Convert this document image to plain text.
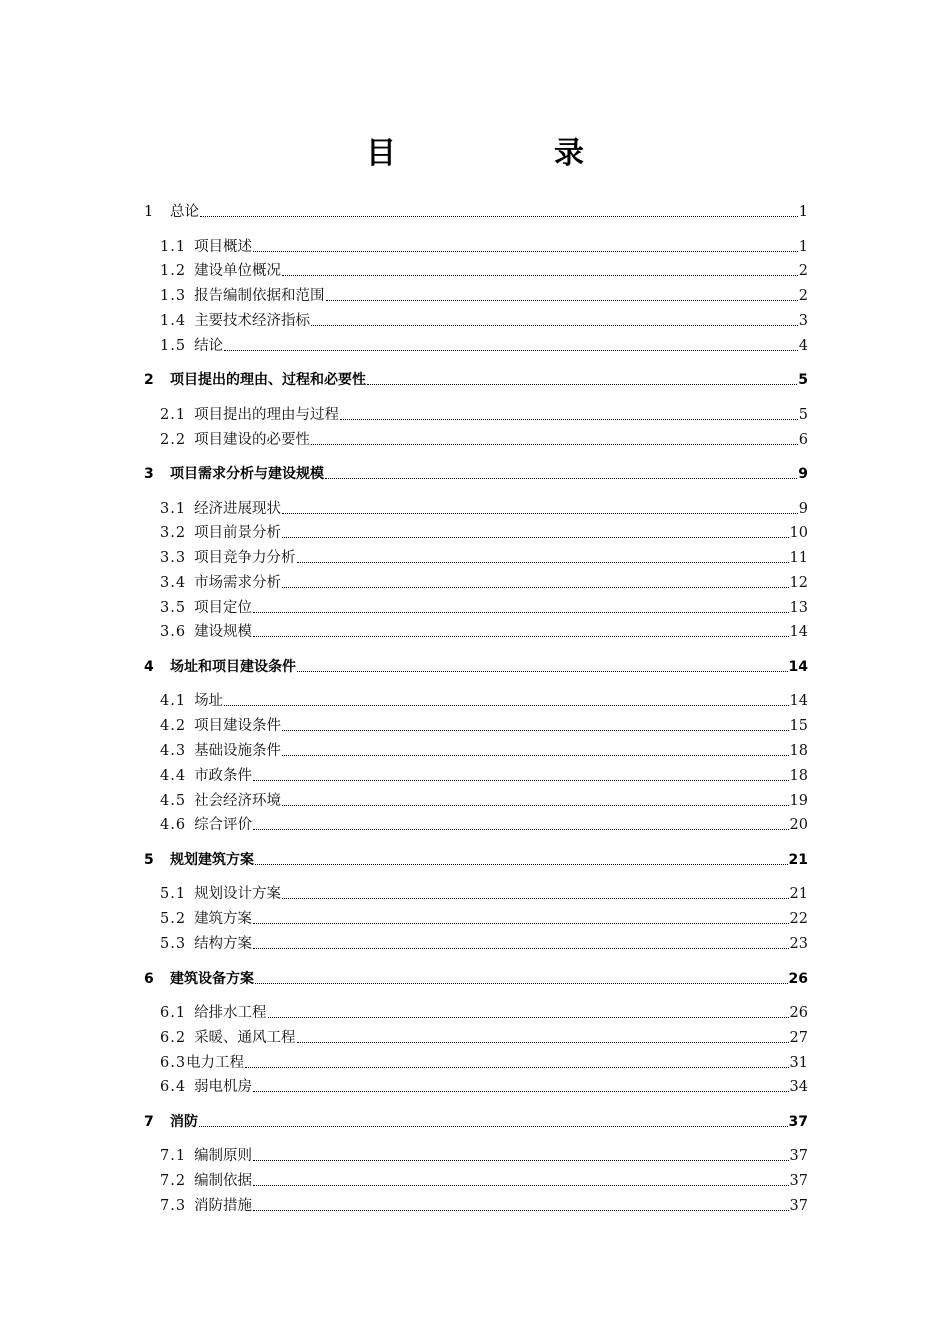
目　录
1	总论	1
1.1 项目概述	1
1.2 建设单位概况	2
1.3 报告编制依据和范围	2
1.4 主要技术经济指标	3
1.5 结论	4
2	项目提出的理由、过程和必要性	5
2.1 项目提出的理由与过程	5
2.2 项目建设的必要性	6
3	项目需求分析与建设规模	9
3.1 经济进展现状	9
3.2 项目前景分析	10
3.3 项目竞争力分析	11
3.4 市场需求分析	12
3.5 项目定位	13
3.6 建设规模	14
4	场址和项目建设条件	14
4.1 场址	14
4.2 项目建设条件	15
4.3 基础设施条件	18
4.4 市政条件	18
4.5 社会经济环境	19
4.6 综合评价	20
5	规划建筑方案	21
5.1 规划设计方案	21
5.2 建筑方案	22
5.3 结构方案	23
6	建筑设备方案	26
6.1 给排水工程	26
6.2 采暖、通风工程	27
6.3 电力工程	31
6.4 弱电机房	34
7	消防	37
7.1 编制原则	37
7.2 编制依据	37
7.3 消防措施	37
